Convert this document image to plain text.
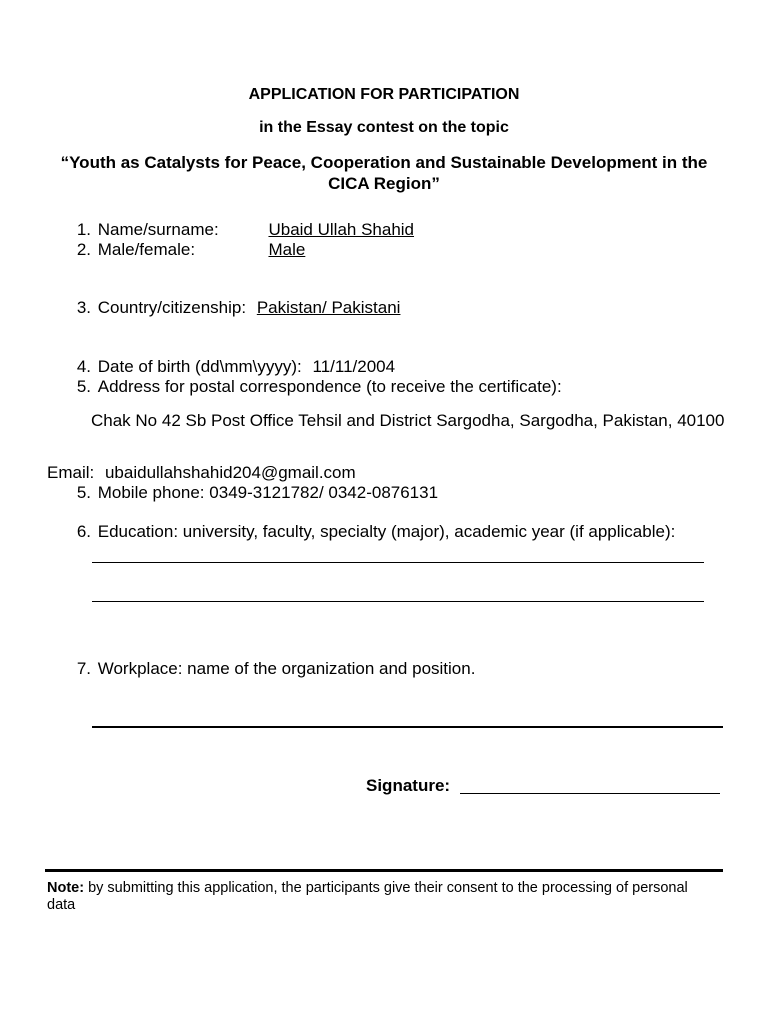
APPLICATION FOR PARTICIPATION
in the Essay contest on the topic
“Youth as Catalysts for Peace, Cooperation and Sustainable Development in the CICA Region”
1. Name/surname:	Ubaid Ullah Shahid
2. Male/female:	Male
3. Country/citizenship: Pakistan/ Pakistani
4. Date of birth (dd\mm\yyyy): 11/11/2004
5. Address for postal correspondence (to receive the certificate):
Chak No 42 Sb Post Office Tehsil and District Sargodha, Sargodha, Pakistan, 40100
Email: ubaidullahshahid204@gmail.com
5. Mobile phone: 0349-3121782/ 0342-0876131
6. Education: university, faculty, specialty (major), academic year (if applicable):
7. Workplace: name of the organization and position.
Signature:
Note: by submitting this application, the participants give their consent to the processing of personal data
